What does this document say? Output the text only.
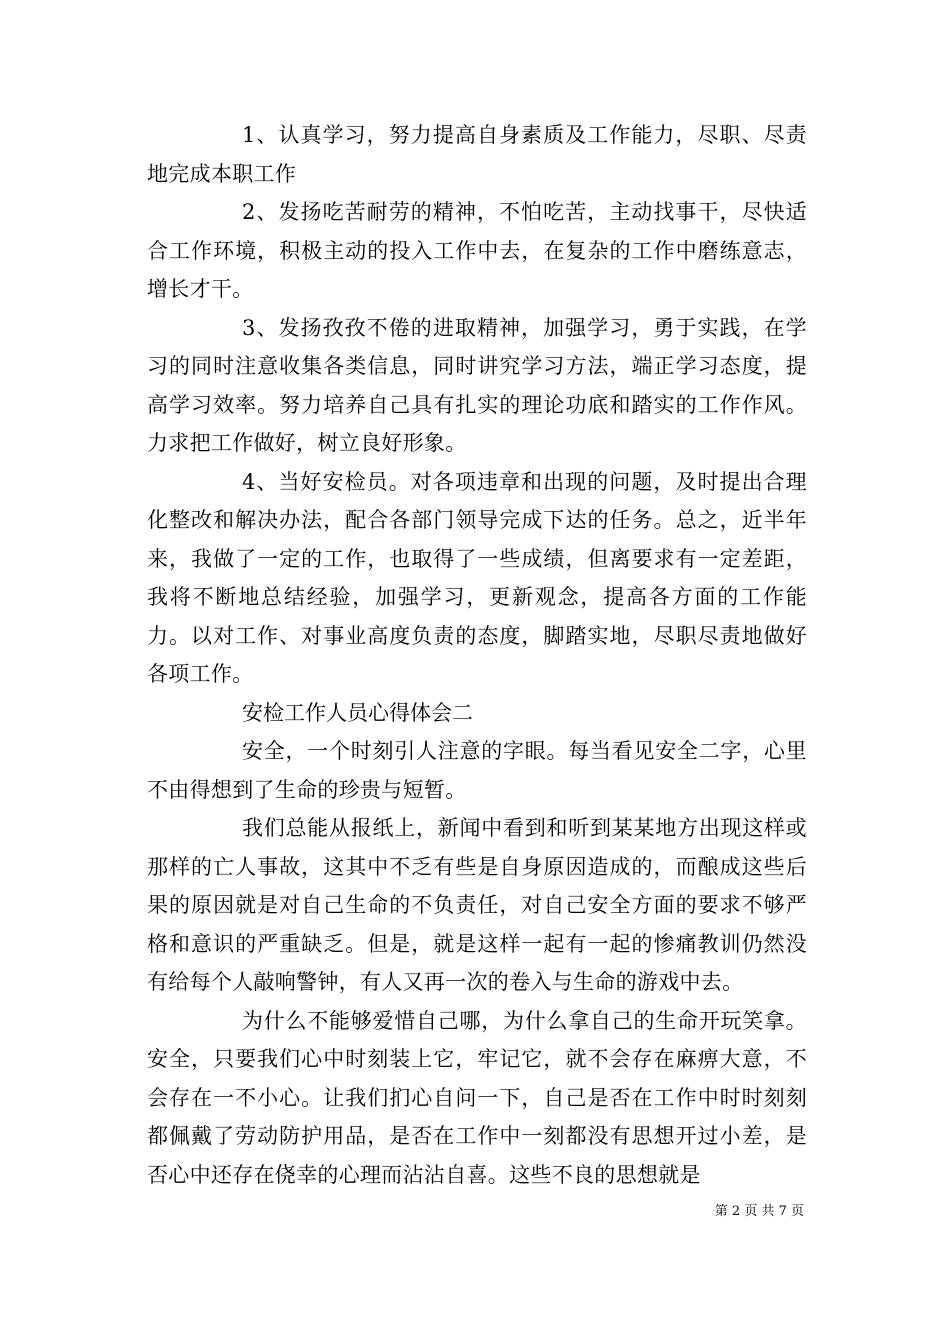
1、认真学习，努力提高自身素质及工作能力，尽职、尽责地完成本职工作

2、发扬吃苦耐劳的精神，不怕吃苦，主动找事干，尽快适合工作环境，积极主动的投入工作中去，在复杂的工作中磨练意志，增长才干。

3、发扬孜孜不倦的进取精神，加强学习，勇于实践，在学习的同时注意收集各类信息，同时讲究学习方法，端正学习态度，提高学习效率。努力培养自己具有扎实的理论功底和踏实的工作作风。力求把工作做好，树立良好形象。

4、当好安检员。对各项违章和出现的问题，及时提出合理化整改和解决办法，配合各部门领导完成下达的任务。总之，近半年来，我做了一定的工作，也取得了一些成绩，但离要求有一定差距，我将不断地总结经验，加强学习，更新观念，提高各方面的工作能力。以对工作、对事业高度负责的态度，脚踏实地，尽职尽责地做好各项工作。

安检工作人员心得体会二

安全，一个时刻引人注意的字眼。每当看见安全二字，心里不由得想到了生命的珍贵与短暂。

我们总能从报纸上，新闻中看到和听到某某地方出现这样或那样的亡人事故，这其中不乏有些是自身原因造成的，而酿成这些后果的原因就是对自己生命的不负责任，对自己安全方面的要求不够严格和意识的严重缺乏。但是，就是这样一起有一起的惨痛教训仍然没有给每个人敲响警钟，有人又再一次的卷入与生命的游戏中去。

为什么不能够爱惜自己哪，为什么拿自己的生命开玩笑拿。安全，只要我们心中时刻装上它，牢记它，就不会存在麻痹大意，不会存在一不小心。让我们扪心自问一下，自己是否在工作中时时刻刻都佩戴了劳动防护用品，是否在工作中一刻都没有思想开过小差，是否心中还存在侥幸的心理而沾沾自喜。这些不良的思想就是

第 2 页 共 7 页
